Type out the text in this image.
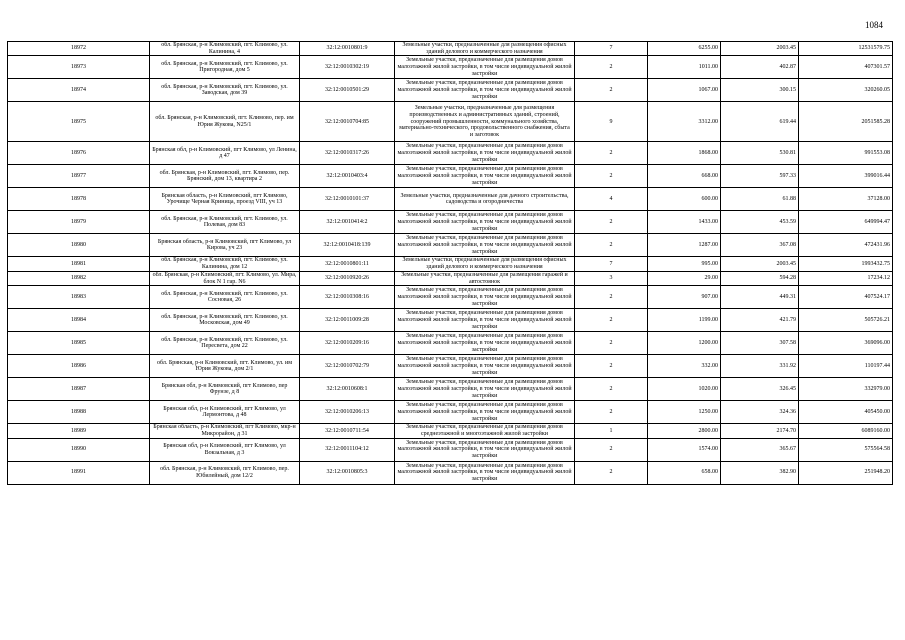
1084
18972	обл. Брянская, р-н Климовский, пгт. Климово, ул. Калинина, 4	32:12:0010801:9	Земельные участки, предназначенные для размещения офисных зданий делового и коммерческого назначения	7	6255.00	2003.45	12531579.75
18973	обл. Брянская, р-н Климовский, пгт. Климово, ул. Пригородная, дом 5	32:12:0010302:19	Земельные участки, предназначенные для размещения домов малоэтажной жилой застройки, в том числе индивидуальной жилой застройки	2	1011.00	402.87	407301.57
18974	обл. Брянская, р-н Климовский, пгт. Климово, ул. Заводская, дом 39	32:12:0010501:29	Земельные участки, предназначенные для размещения домов малоэтажной жилой застройки, в том числе индивидуальной жилой застройки	2	1067.00	300.15	320260.05
18975	обл. Брянская, р-н Климовский, пгт. Климово, пер. им Юрия Жукова, N25/1	32:12:0010704:85	Земельные участки, предназначенные для размещения производственных и административных зданий, строений, сооружений промышленности, коммунального хозяйства, материально-технического, продовольственного снабжения, сбыта и заготовок	9	3312.00	619.44	2051585.28
18976	Брянская обл, р-н Климовский, пгт Климово, ул Ленина, д 47	32:12:0010317:26	Земельные участки, предназначенные для размещения домов малоэтажной жилой застройки, в том числе индивидуальной жилой застройки	2	1868.00	530.81	991553.08
18977	обл. Брянская, р-н Климовский, пгт. Климово, пер. Брянский, дом 13, квартира 2	32:12:0010403:4	Земельные участки, предназначенные для размещения домов малоэтажной жилой застройки, в том числе индивидуальной жилой застройки	2	668.00	597.33	399016.44
18978	Брянская область, р-н Климовский, пгт Климово, Урочище Черная Криница, проезд VIII, уч 13	32:12:0010101:37	Земельные участки, предназначенные для дачного строительства, садоводства и огородничества	4	600.00	61.88	37128.00
18979	обл. Брянская, р-н Климовский, пгт. Климово, ул. Полевая, дом 83	32:12:0010414:2	Земельные участки, предназначенные для размещения домов малоэтажной жилой застройки, в том числе индивидуальной жилой застройки	2	1433.00	453.59	649994.47
18980	Брянская область, р-н Климовский, пгт Климово, ул Кирова, уч 23	32:12:0010418:139	Земельные участки, предназначенные для размещения домов малоэтажной жилой застройки, в том числе индивидуальной жилой застройки	2	1287.00	367.08	472431.96
18981	обл. Брянская, р-н Климовский, пгт. Климово, ул. Калинина, дом 12	32:12:0010801:11	Земельные участки, предназначенные для размещения офисных зданий делового и коммерческого назначения	7	995.00	2003.45	1993432.75
18982	обл. Брянская, р-н Климовский, пгт. Климово, ул. Мира, блок N 1 гар. N6	32:12:0010920:26	Земельные участки, предназначенные для размещения гаражей и автостоянок	3	29.00	594.28	17234.12
18983	обл. Брянская, р-н Климовский, пгт. Климово, ул. Сосновая, 26	32:12:0010308:16	Земельные участки, предназначенные для размещения домов малоэтажной жилой застройки, в том числе индивидуальной жилой застройки	2	907.00	449.31	407524.17
18984	обл. Брянская, р-н Климовский, пгт. Климово, ул. Московская, дом 49	32:12:0011009:28	Земельные участки, предназначенные для размещения домов малоэтажной жилой застройки, в том числе индивидуальной жилой застройки	2	1199.00	421.79	505726.21
18985	обл. Брянская, р-н Климовский, пгт. Климово, ул. Пересвета, дом 22	32:12:0010209:16	Земельные участки, предназначенные для размещения домов малоэтажной жилой застройки, в том числе индивидуальной жилой застройки	2	1200.00	307.58	369096.00
18986	обл. Брянская, р-н Климовский, пгт. Климово, ул. им Юрия Жукова, дом 2/1	32:12:0010702:79	Земельные участки, предназначенные для размещения домов малоэтажной жилой застройки, в том числе индивидуальной жилой застройки	2	332.00	331.92	110197.44
18987	Брянская обл, р-н Климовский, пгт Климово, пер Фрунзе, д 8	32:12:0010608:1	Земельные участки, предназначенные для размещения домов малоэтажной жилой застройки, в том числе индивидуальной жилой застройки	2	1020.00	326.45	332979.00
18988	Брянская обл, р-н Климовский, пгт Климово, ул Лермонтова, д 48	32:12:0010206:13	Земельные участки, предназначенные для размещения домов малоэтажной жилой застройки, в том числе индивидуальной жилой застройки	2	1250.00	324.36	405450.00
18989	Брянская область, р-н Климовский, пгт Климово, мкр-н Микрорайон, д 31	32:12:0010711:54	Земельные участки, предназначенные для размещения домов среднеэтажной и многоэтажной жилой застройки	1	2800.00	2174.70	6089160.00
18990	Брянская обл, р-н Климовский, пгт Климово, ул Вокзальная, д 3	32:12:0011104:12	Земельные участки, предназначенные для размещения домов малоэтажной жилой застройки, в том числе индивидуальной жилой застройки	2	1574.00	365.67	575564.58
18991	обл. Брянская, р-н Климовский, пгт Климово, пер. Юбилейный, дом 12/2	32:12:0010805:3	Земельные участки, предназначенные для размещения домов малоэтажной жилой застройки, в том числе индивидуальной жилой застройки	2	658.00	382.90	251948.20
